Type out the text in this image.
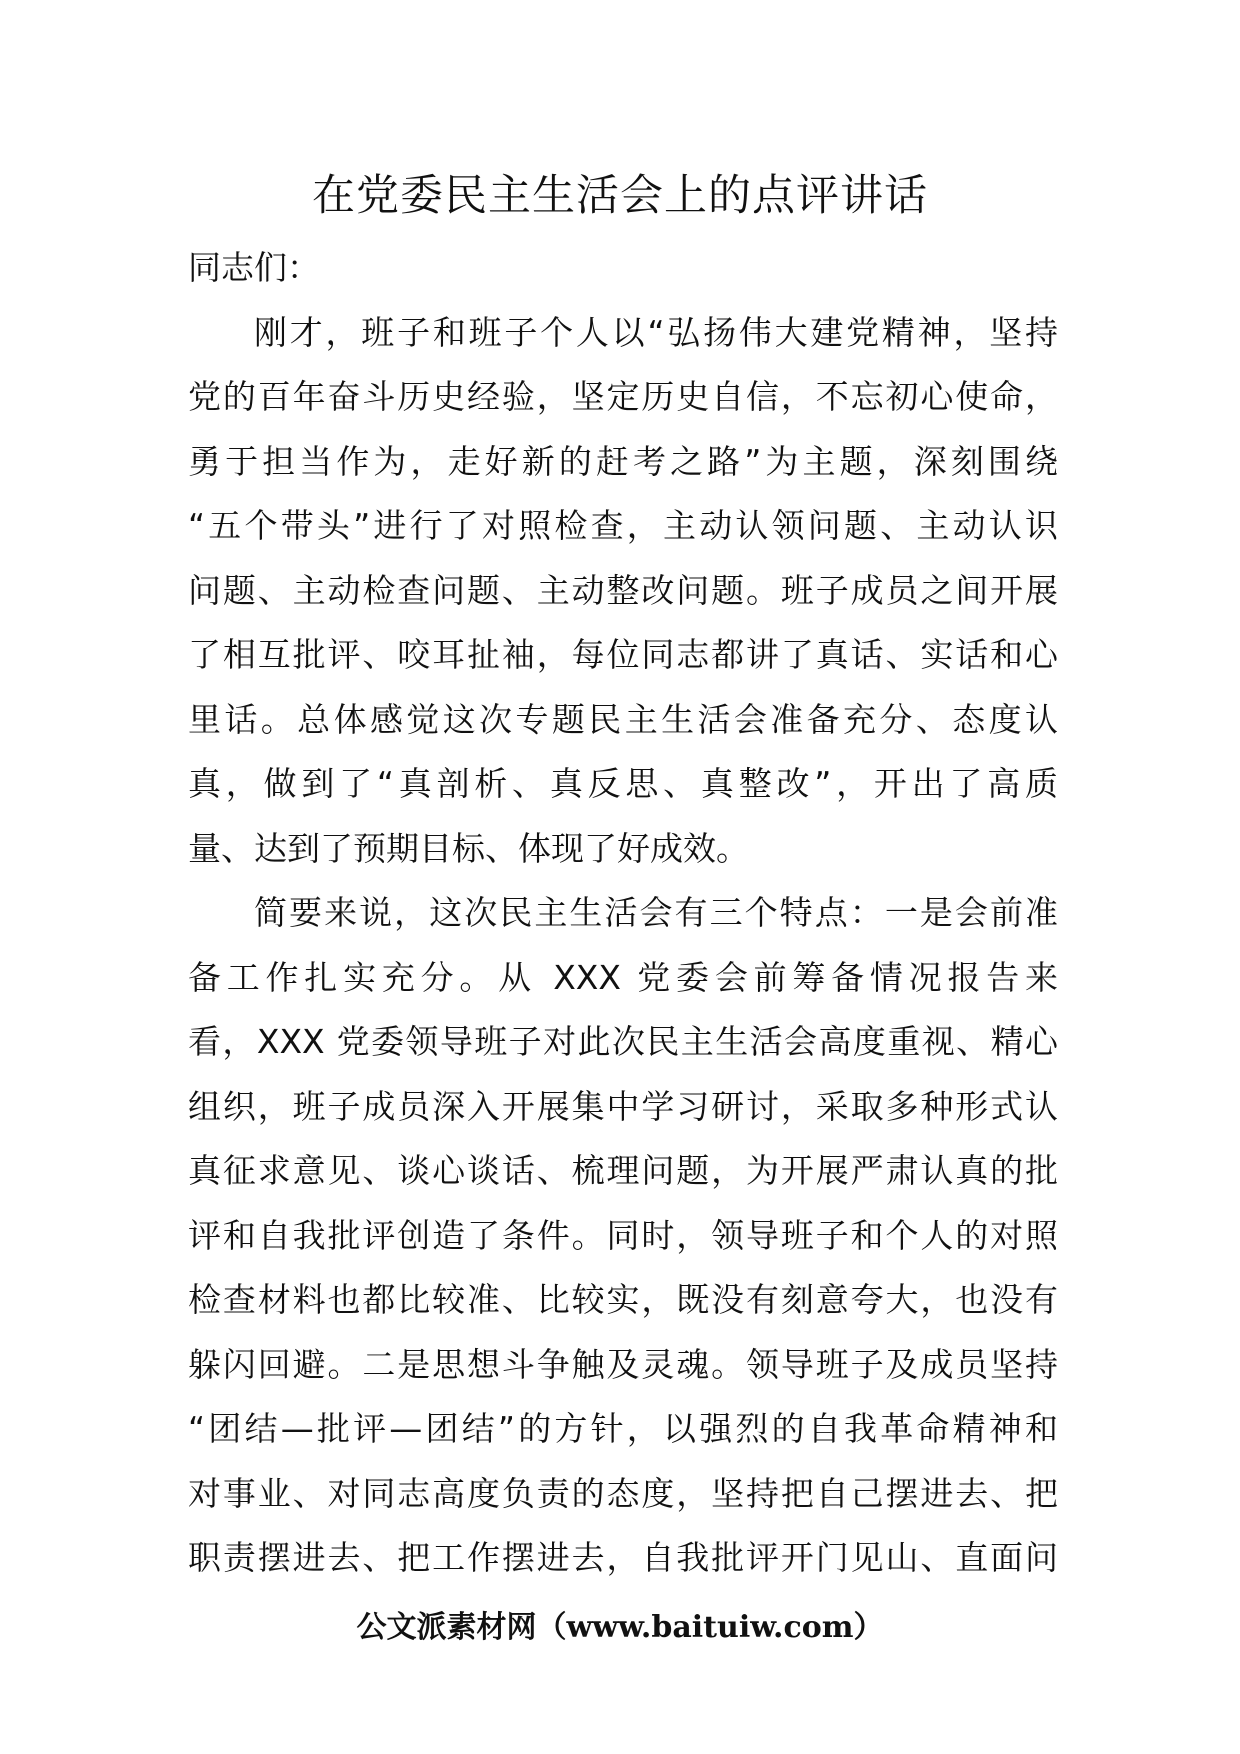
在党委民主生活会上的点评讲话
同志们：
刚才，班子和班子个人以“弘扬伟大建党精神，坚持
党的百年奋斗历史经验，坚定历史自信，不忘初心使命，
勇于担当作为，走好新的赶考之路”为主题，深刻围绕
“五个带头”进行了对照检查，主动认领问题、主动认识
问题、主动检查问题、主动整改问题。班子成员之间开展
了相互批评、咬耳扯袖，每位同志都讲了真话、实话和心
里话。总体感觉这次专题民主生活会准备充分、态度认
真，做到了“真剖析、真反思、真整改”，开出了高质
量、达到了预期目标、体现了好成效。
简要来说，这次民主生活会有三个特点：一是会前准
备工作扎实充分。从 XXX 党委会前筹备情况报告来
看，XXX 党委领导班子对此次民主生活会高度重视、精心
组织，班子成员深入开展集中学习研讨，采取多种形式认
真征求意见、谈心谈话、梳理问题，为开展严肃认真的批
评和自我批评创造了条件。同时，领导班子和个人的对照
检查材料也都比较准、比较实，既没有刻意夸大，也没有
躲闪回避。二是思想斗争触及灵魂。领导班子及成员坚持
“团结—批评—团结”的方针，以强烈的自我革命精神和
对事业、对同志高度负责的态度，坚持把自己摆进去、把
职责摆进去、把工作摆进去，自我批评开门见山、直面问
公文派素材网（www.baituiw.com）
